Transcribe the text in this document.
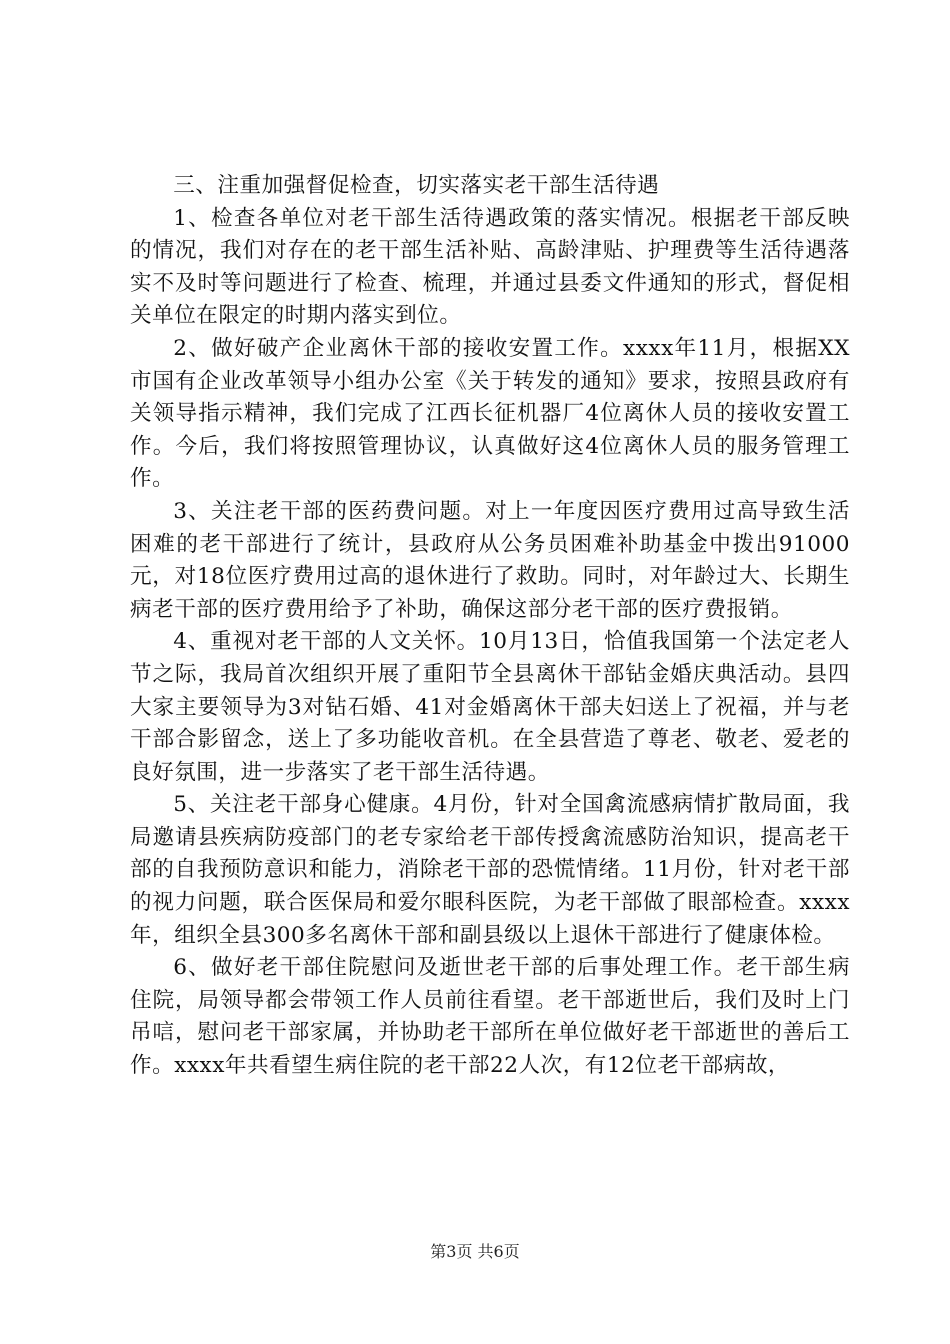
三、注重加强督促检查，切实落实老干部生活待遇

1、检查各单位对老干部生活待遇政策的落实情况。根据老干部反映的情况，我们对存在的老干部生活补贴、高龄津贴、护理费等生活待遇落实不及时等问题进行了检查、梳理，并通过县委文件通知的形式，督促相关单位在限定的时期内落实到位。

2、做好破产企业离休干部的接收安置工作。xxxx年11月，根据XX市国有企业改革领导小组办公室《关于转发的通知》要求，按照县政府有关领导指示精神，我们完成了江西长征机器厂4位离休人员的接收安置工作。今后，我们将按照管理协议，认真做好这4位离休人员的服务管理工作。

3、关注老干部的医药费问题。对上一年度因医疗费用过高导致生活困难的老干部进行了统计，县政府从公务员困难补助基金中拨出91000元，对18位医疗费用过高的退休进行了救助。同时，对年龄过大、长期生病老干部的医疗费用给予了补助，确保这部分老干部的医疗费报销。

4、重视对老干部的人文关怀。10月13日，恰值我国第一个法定老人节之际，我局首次组织开展了重阳节全县离休干部钻金婚庆典活动。县四大家主要领导为3对钻石婚、41对金婚离休干部夫妇送上了祝福，并与老干部合影留念，送上了多功能收音机。在全县营造了尊老、敬老、爱老的良好氛围，进一步落实了老干部生活待遇。

5、关注老干部身心健康。4月份，针对全国禽流感病情扩散局面，我局邀请县疾病防疫部门的老专家给老干部传授禽流感防治知识，提高老干部的自我预防意识和能力，消除老干部的恐慌情绪。11月份，针对老干部的视力问题，联合医保局和爱尔眼科医院，为老干部做了眼部检查。xxxx年，组织全县300多名离休干部和副县级以上退休干部进行了健康体检。

6、做好老干部住院慰问及逝世老干部的后事处理工作。老干部生病住院，局领导都会带领工作人员前往看望。老干部逝世后，我们及时上门吊唁，慰问老干部家属，并协助老干部所在单位做好老干部逝世的善后工作。xxxx年共看望生病住院的老干部22人次，有12位老干部病故，

第3页 共6页
